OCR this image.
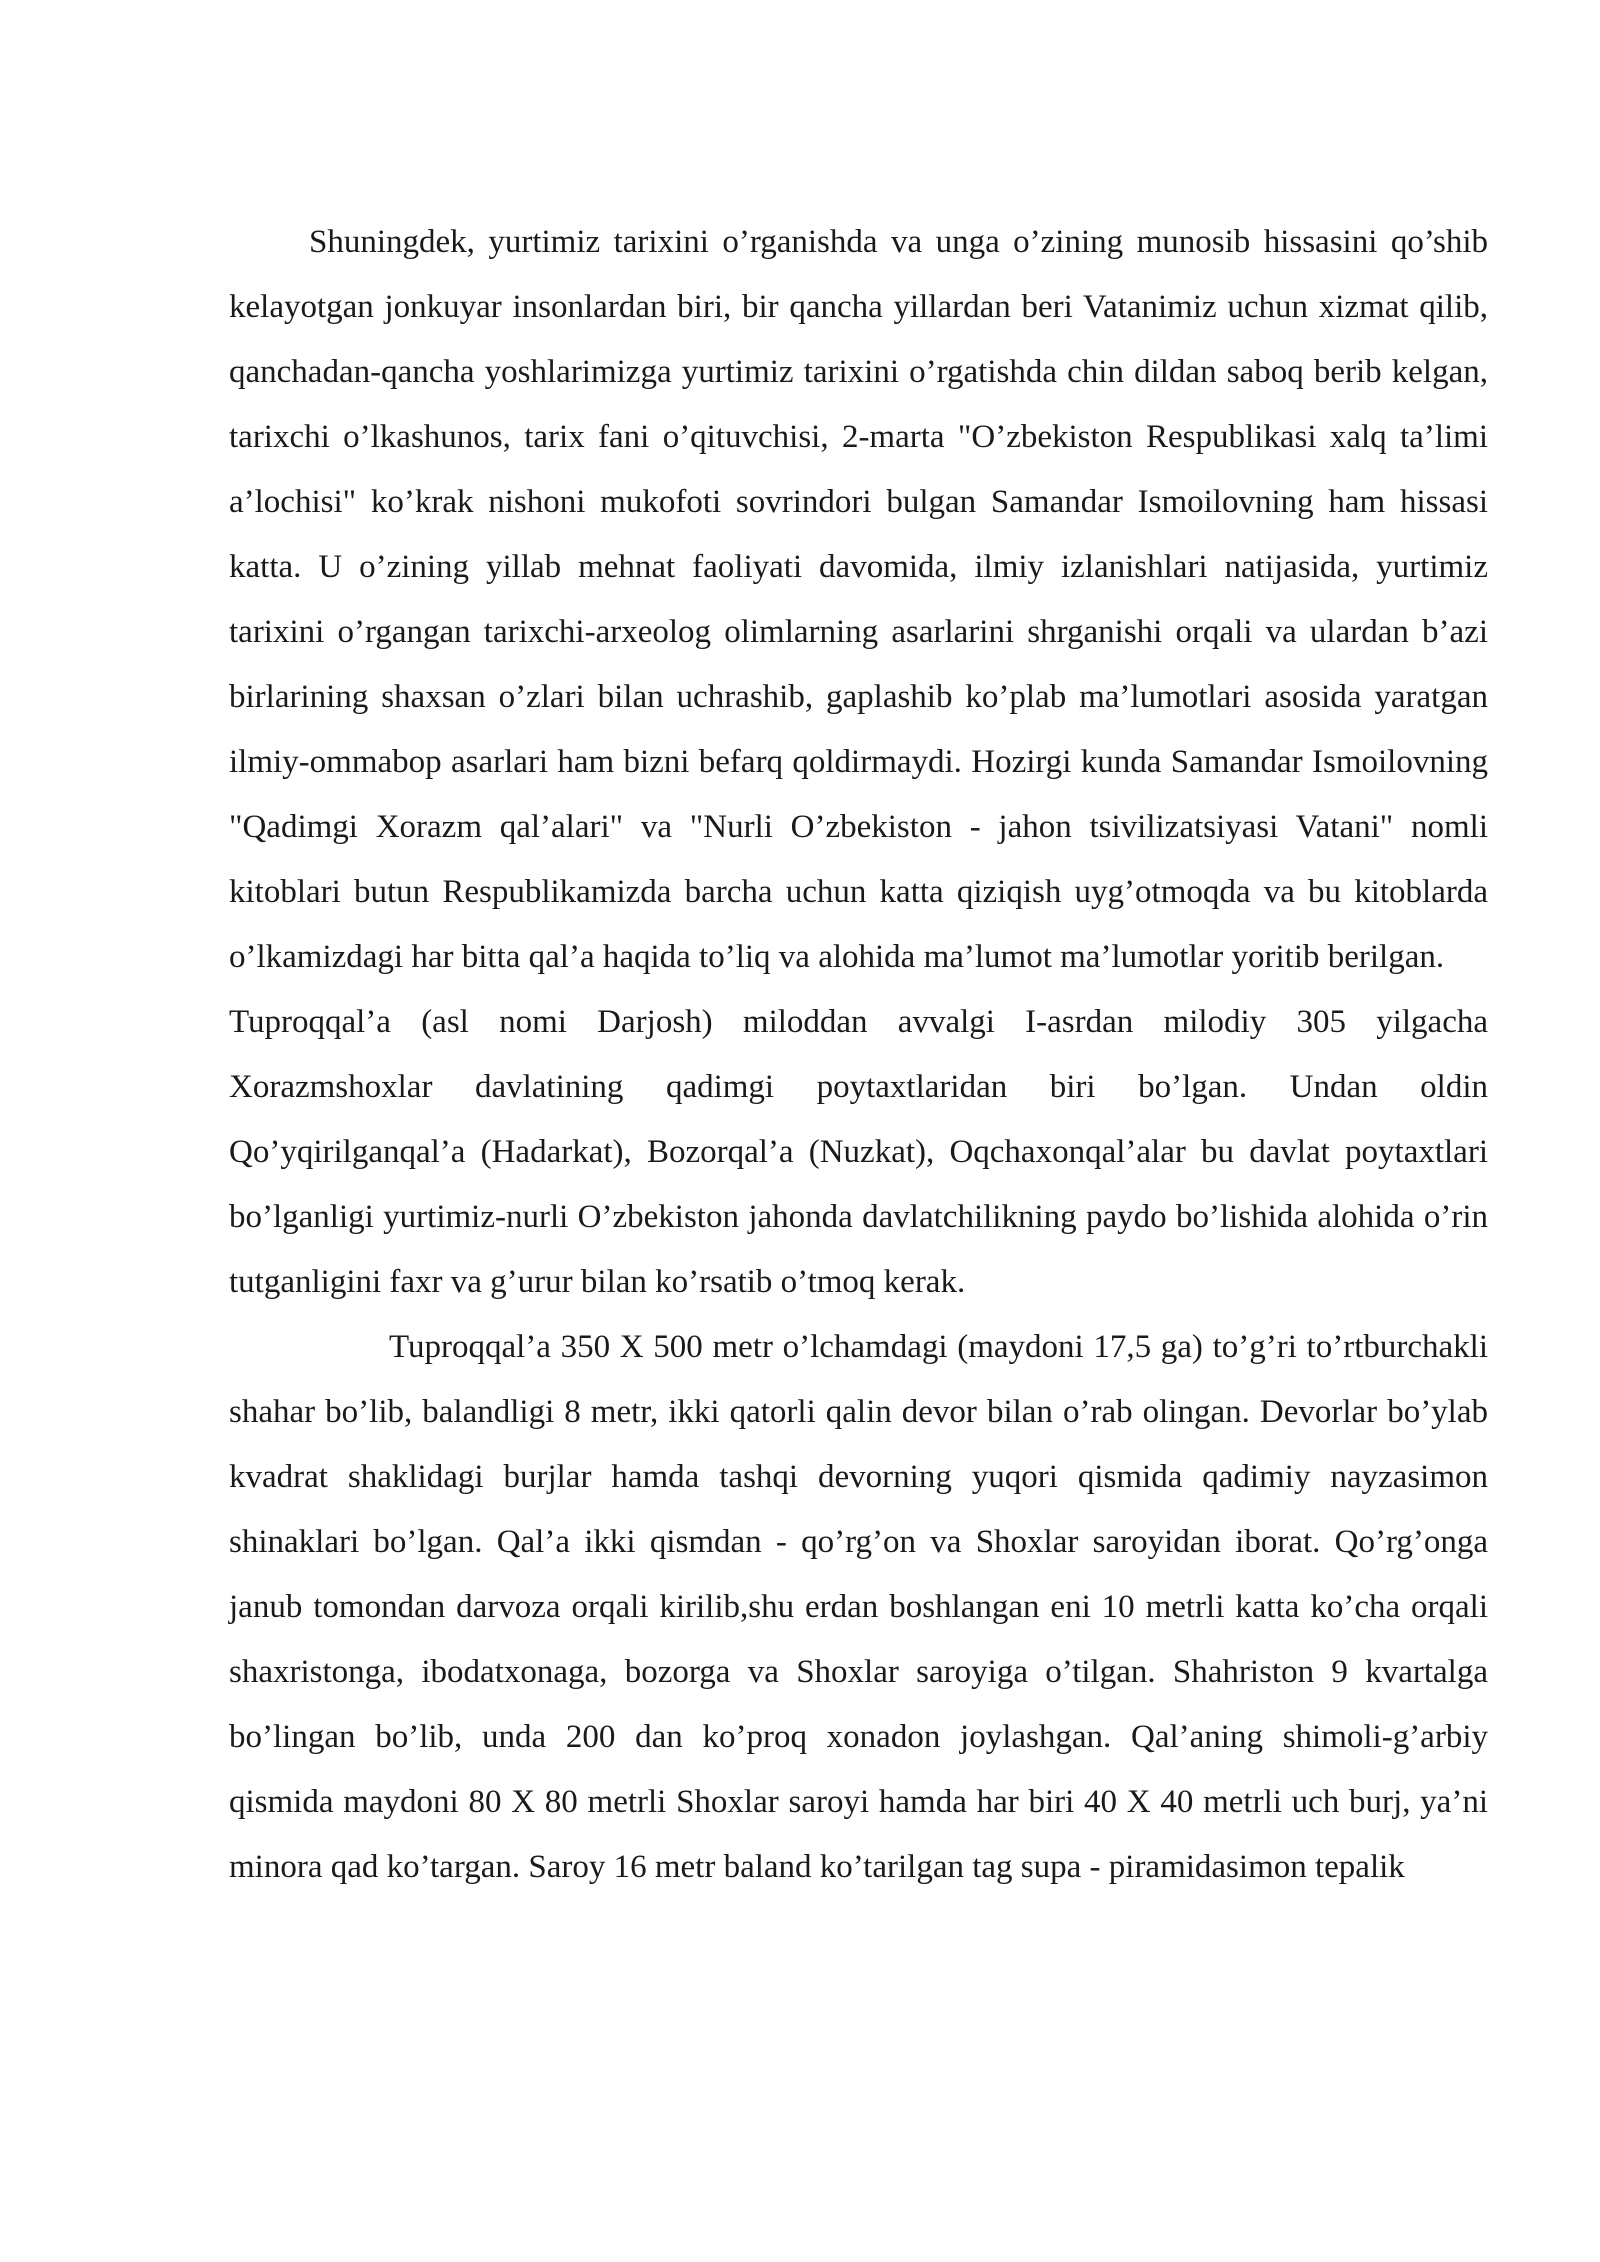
Shuningdek, yurtimiz tarixini o’rganishda va unga o’zining munosib hissasini qo’shib kelayotgan jonkuyar insonlardan biri, bir qancha yillardan beri Vatanimiz uchun xizmat qilib, qanchadan-qancha yoshlarimizga yurtimiz tarixini o’rgatishda chin dildan saboq berib kelgan, tarixchi o’lkashunos, tarix fani o’qituvchisi, 2-marta "O’zbekiston Respublikasi xalq ta’limi a’lochisi" ko’krak nishoni mukofoti sovrindori bulgan Samandar Ismoilovning ham hissasi katta. U o’zining yillab mehnat faoliyati davomida, ilmiy izlanishlari natijasida, yurtimiz tarixini o’rgangan tarixchi-arxeolog olimlarning asarlarini shrganishi orqali va ulardan b’azi birlarining shaxsan o’zlari bilan uchrashib, gaplashib ko’plab ma’lumotlari asosida yaratgan ilmiy-ommabop asarlari ham bizni befarq qoldirmaydi. Hozirgi kunda Samandar Ismoilovning "Qadimgi Xorazm qal’alari" va "Nurli O’zbekiston - jahon tsivilizatsiyasi Vatani" nomli kitoblari butun Respublikamizda barcha uchun katta qiziqish uyg’otmoqda va bu kitoblarda o’lkamizdagi har bitta qal’a haqida to’liq va alohida ma’lumot ma’lumotlar yoritib berilgan.

Tuproqqal’a (asl nomi Darjosh) miloddan avvalgi I-asrdan milodiy 305 yilgacha Xorazmshoxlar davlatining qadimgi poytaxtlaridan biri bo’lgan. Undan oldin Qo’yqirilganqal’a (Hadarkat), Bozorqal’a (Nuzkat), Oqchaxonqal’alar bu davlat poytaxtlari bo’lganligi yurtimiz-nurli O’zbekiston jahonda davlatchilikning paydo bo’lishida alohida o’rin tutganligini faxr va g’urur bilan ko’rsatib o’tmoq kerak.

Tuproqqal’a 350 X 500 metr o’lchamdagi (maydoni 17,5 ga) to’g’ri to’rtburchakli shahar bo’lib, balandligi 8 metr, ikki qatorli qalin devor bilan o’rab olingan. Devorlar bo’ylab kvadrat shaklidagi burjlar hamda tashqi devorning yuqori qismida qadimiy nayzasimon shinaklari bo’lgan. Qal’a ikki qismdan - qo’rg’on va Shoxlar saroyidan iborat. Qo’rg’onga janub tomondan darvoza orqali kirilib,shu erdan boshlangan eni 10 metrli katta ko’cha orqali shaxristonga, ibodatxonaga, bozorga va Shoxlar saroyiga o’tilgan. Shahriston 9 kvartalga bo’lingan bo’lib, unda 200 dan ko’proq xonadon joylashgan. Qal’aning shimoli-g’arbiy qismida maydoni 80 X 80 metrli Shoxlar saroyi hamda har biri 40 X 40 metrli uch burj, ya’ni minora qad ko’targan. Saroy 16 metr baland ko’tarilgan tag supa - piramidasimon tepalik
